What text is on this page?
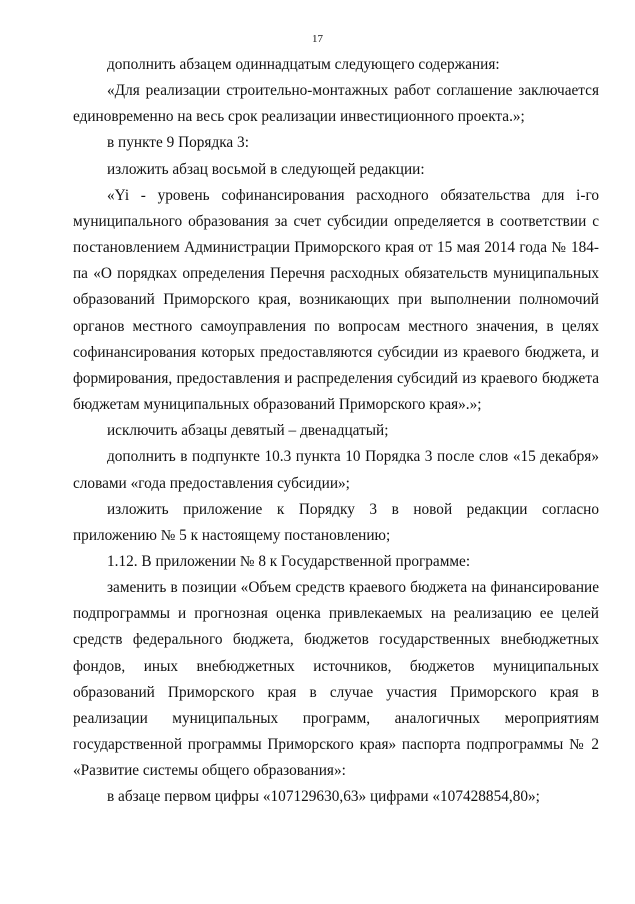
17

дополнить абзацем одиннадцатым следующего содержания:

«Для реализации строительно-монтажных работ соглашение заключается единовременно на весь срок реализации инвестиционного проекта.»;

в пункте 9 Порядка 3:

изложить абзац восьмой в следующей редакции:

«Yi - уровень софинансирования расходного обязательства для i-го муниципального образования за счет субсидии определяется в соответствии с постановлением Администрации Приморского края от 15 мая 2014 года № 184-па «О порядках определения Перечня расходных обязательств муниципальных образований Приморского края, возникающих при выполнении полномочий органов местного самоуправления по вопросам местного значения, в целях софинансирования которых предоставляются субсидии из краевого бюджета, и формирования, предоставления и распределения субсидий из краевого бюджета бюджетам муниципальных образований Приморского края».»;

исключить абзацы девятый – двенадцатый;

дополнить в подпункте 10.3 пункта 10 Порядка 3 после слов «15 декабря» словами «года предоставления субсидии»;

изложить приложение к Порядку 3 в новой редакции согласно приложению № 5 к настоящему постановлению;

1.12. В приложении № 8 к Государственной программе:

заменить в позиции «Объем средств краевого бюджета на финансирование подпрограммы и прогнозная оценка привлекаемых на реализацию ее целей средств федерального бюджета, бюджетов государственных внебюджетных фондов, иных внебюджетных источников, бюджетов муниципальных образований Приморского края в случае участия Приморского края в реализации муниципальных программ, аналогичных мероприятиям государственной программы Приморского края» паспорта подпрограммы № 2 «Развитие системы общего образования»:

в абзаце первом цифры «107129630,63» цифрами «107428854,80»;
